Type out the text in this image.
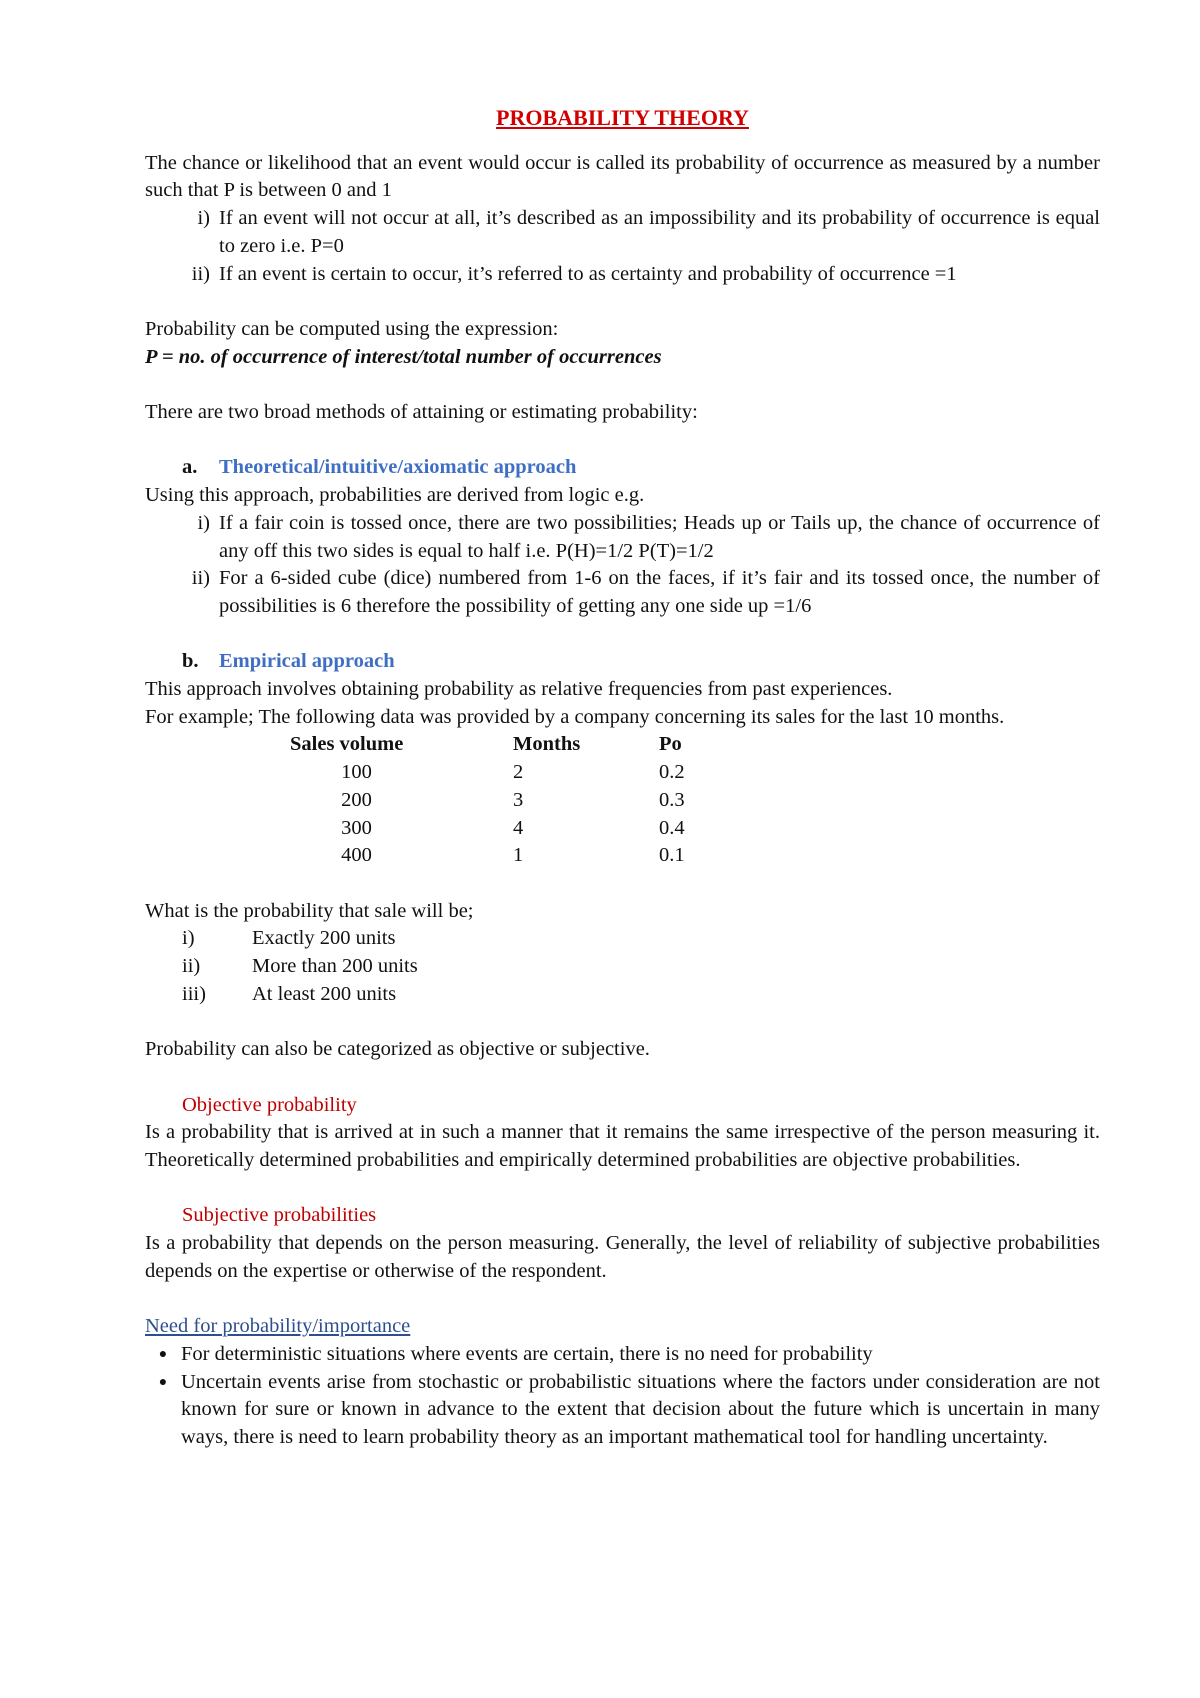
PROBABILITY THEORY

The chance or likelihood that an event would occur is called its probability of occurrence as measured by a number such that P is between 0 and 1

i) If an event will not occur at all, it’s described as an impossibility and its probability of occurrence is equal to zero i.e. P=0
ii) If an event is certain to occur, it’s referred to as certainty and probability of occurrence =1

Probability can be computed using the expression:

P = no. of occurrence of interest/total number of occurrences

There are two broad methods of attaining or estimating probability:

a.	Theoretical/intuitive/axiomatic approach

Using this approach, probabilities are derived from logic e.g.

i) If a fair coin is tossed once, there are two possibilities; Heads up or Tails up, the chance of occurrence of any off this two sides is equal to half i.e. P(H)=1/2 P(T)=1/2
ii) For a 6-sided cube (dice) numbered from 1-6 on the faces, if it’s fair and its tossed once, the number of possibilities is 6 therefore the possibility of getting any one side up =1/6
b. Empirical approach

This approach involves obtaining probability as relative frequencies from past experiences.

For example; The following data was provided by a company concerning its sales for the last 10 months.

Sales volume	Months	Po
100	2	0.2
200	3	0.3
300	4	0.4
400	1	0.1

What is the probability that sale will be;

i)	Exactly 200 units
ii)	More than 200 units
iii)	At least 200 units

Probability can also be categorized as objective or subjective.

Objective probability

Is a probability that is arrived at in such a manner that it remains the same irrespective of the person measuring it. Theoretically determined probabilities and empirically determined probabilities are objective probabilities.

Subjective probabilities

Is a probability that depends on the person measuring. Generally, the level of reliability of subjective probabilities depends on the expertise or otherwise of the respondent.

Need for probability/importance

● For deterministic situations where events are certain, there is no need for probability
● Uncertain events arise from stochastic or probabilistic situations where the factors under consideration are not known for sure or known in advance to the extent that decision about the future which is uncertain in many ways, there is need to learn probability theory as an important mathematical tool for handling uncertainty.
